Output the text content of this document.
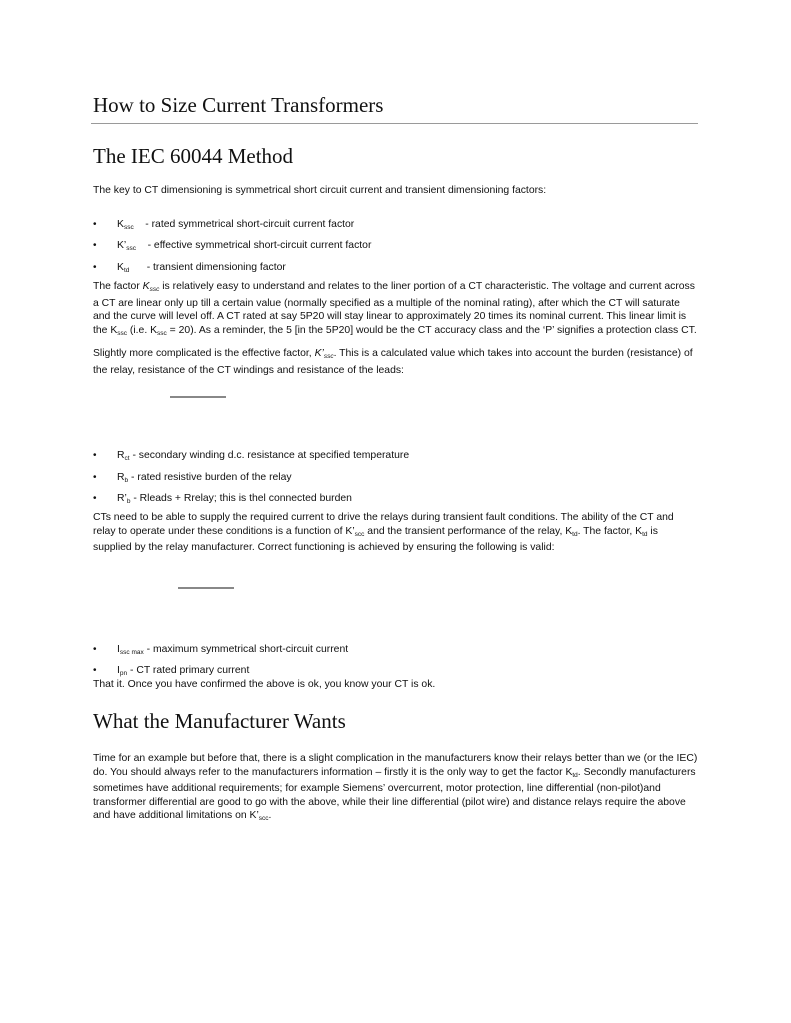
How to Size Current Transformers
The IEC 60044 Method

The key to CT dimensioning is symmetrical short circuit current and transient dimensioning factors:

• $K_{ssc}$ - rated symmetrical short-circuit current factor
• $K’_{ssc}$ - effective symmetrical short-circuit current factor
• $K_{td}$ - transient dimensioning factor

The factor $K_{ssc}$ is relatively easy to understand and relates to the liner portion of a CT characteristic. The voltage and current across a CT are linear only up till a certain value (normally specified as a multiple of the nominal rating), after which the CT will saturate and the curve will level off. A CT rated at say 5P20 will stay linear to approximately 20 times its nominal current. This linear limit is the $K_{ssc}$ (i.e. $K_{ssc} = 20$). As a reminder, the 5 [in the 5P20] would be the CT accuracy class and the ‘P’ signifies a protection class CT.

Slightly more complicated is the effective factor, $K’_{ssc}$. This is a calculated value which takes into account the burden (resistance) of the relay, resistance of the CT windings and resistance of the leads:

• $R_{ct}$ - secondary winding d.c. resistance at specified temperature
• $R_b$ - rated resistive burden of the relay
• $R’_b$ - Rleads + Rrelay; this is thel connected burden

CTs need to be able to supply the required current to drive the relays during transient fault conditions. The ability of the CT and relay to operate under these conditions is a function of $K’_{scc}$ and the transient performance of the relay, $K_{td}$. The factor, $K_{td}$ is supplied by the relay manufacturer. Correct functioning is achieved by ensuring the following is valid:

• $I_{ssc max}$ - maximum symmetrical short-circuit current
• $I_{pn}$ - CT rated primary current

That it. Once you have confirmed the above is ok, you know your CT is ok.

What the Manufacturer Wants

Time for an example but before that, there is a slight complication in the manufacturers know their relays better than we (or the IEC) do. You should always refer to the manufacturers information – firstly it is the only way to get the factor $K_{td}$. Secondly manufacturers sometimes have additional requirements; for example Siemens’ overcurrent, motor protection, line differential (non-pilot)and transformer differential are good to go with the above, while their line differential (pilot wire) and distance relays require the above and have additional limitations on $K’_{scc}$.
